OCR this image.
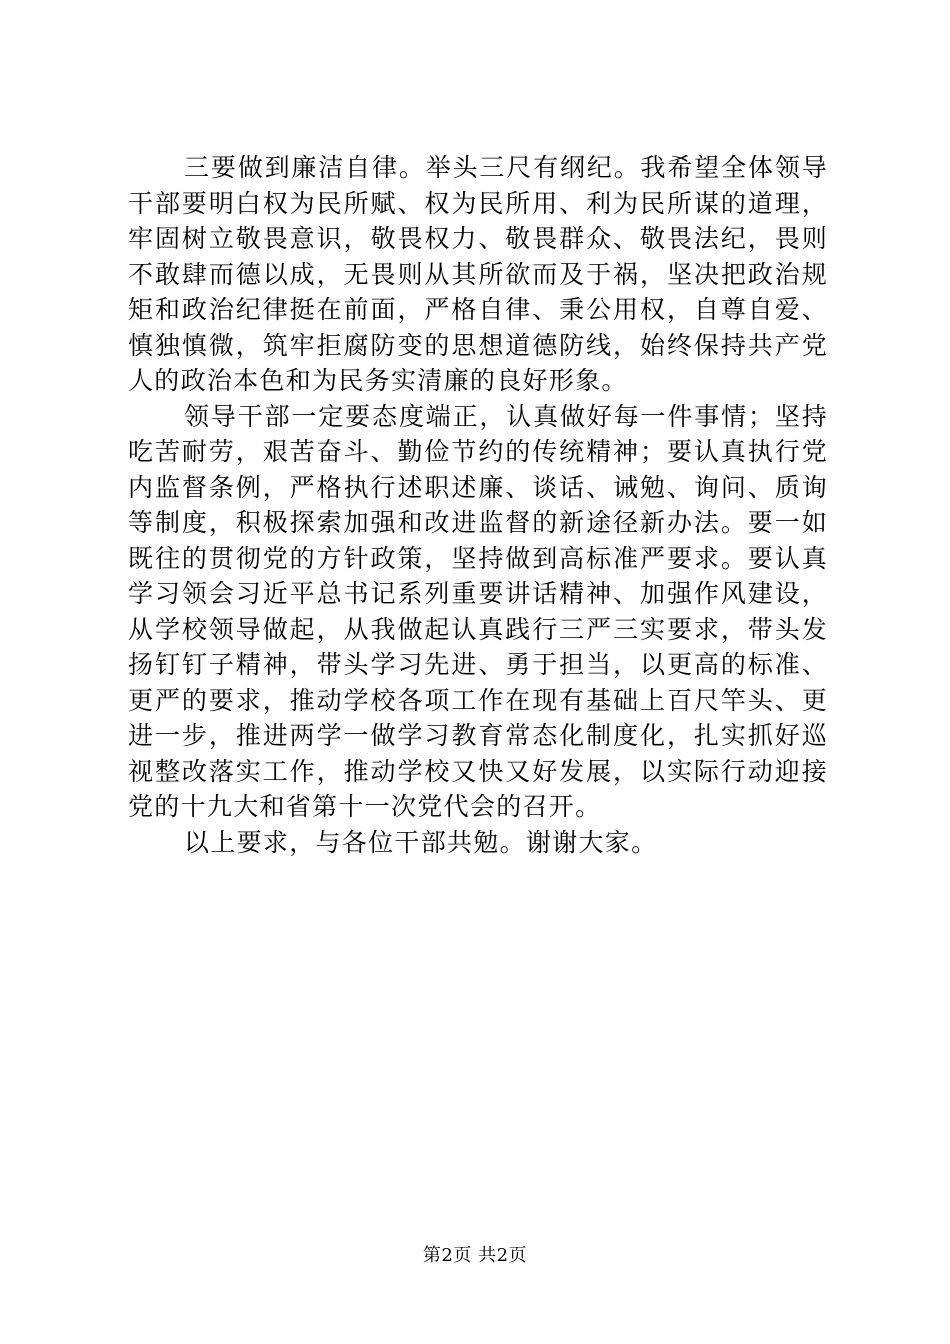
三要做到廉洁自律。举头三尺有纲纪。我希望全体领导干部要明白权为民所赋、权为民所用、利为民所谋的道理，牢固树立敬畏意识，敬畏权力、敬畏群众、敬畏法纪，畏则不敢肆而德以成，无畏则从其所欲而及于祸，坚决把政治规矩和政治纪律挺在前面，严格自律、秉公用权，自尊自爱、慎独慎微，筑牢拒腐防变的思想道德防线，始终保持共产党人的政治本色和为民务实清廉的良好形象。

领导干部一定要态度端正，认真做好每一件事情；坚持吃苦耐劳，艰苦奋斗、勤俭节约的传统精神；要认真执行党内监督条例，严格执行述职述廉、谈话、诫勉、询问、质询等制度，积极探索加强和改进监督的新途径新办法。要一如既往的贯彻党的方针政策，坚持做到高标准严要求。要认真学习领会习近平总书记系列重要讲话精神、加强作风建设，从学校领导做起，从我做起认真践行三严三实要求，带头发扬钉钉子精神，带头学习先进、勇于担当，以更高的标准、更严的要求，推动学校各项工作在现有基础上百尺竿头、更进一步，推进两学一做学习教育常态化制度化，扎实抓好巡视整改落实工作，推动学校又快又好发展，以实际行动迎接党的十九大和省第十一次党代会的召开。

以上要求，与各位干部共勉。谢谢大家。

第2页 共2页
